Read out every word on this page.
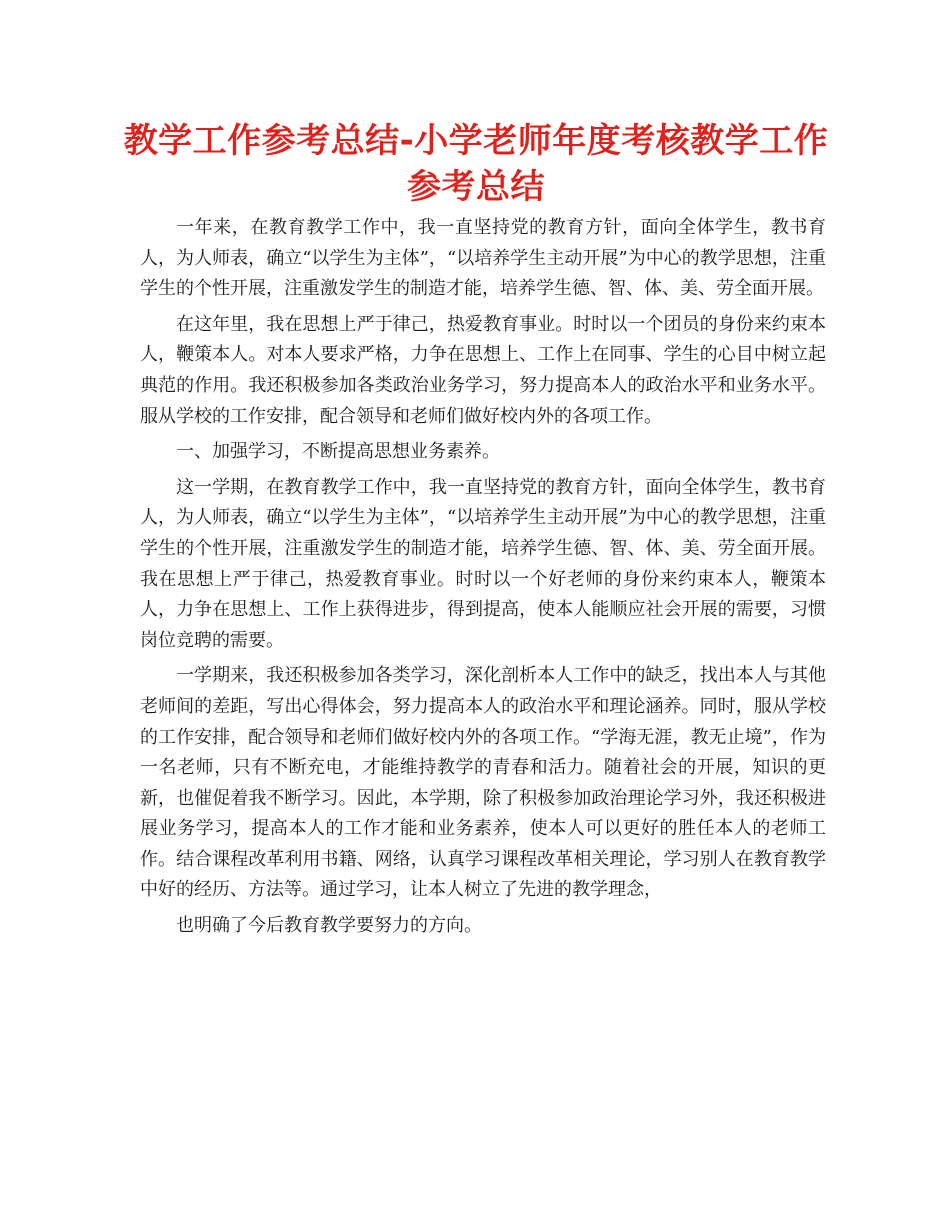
教学工作参考总结-小学老师年度考核教学工作参考总结

一年来，在教育教学工作中，我一直坚持党的教育方针，面向全体学生，教书育人，为人师表，确立“以学生为主体”，“以培养学生主动开展”为中心的教学思想，注重学生的个性开展，注重激发学生的制造才能，培养学生德、智、体、美、劳全面开展。

在这年里，我在思想上严于律己，热爱教育事业。时时以一个团员的身份来约束本人，鞭策本人。对本人要求严格，力争在思想上、工作上在同事、学生的心目中树立起典范的作用。我还积极参加各类政治业务学习，努力提高本人的政治水平和业务水平。服从学校的工作安排，配合领导和老师们做好校内外的各项工作。

一、加强学习，不断提高思想业务素养。

这一学期，在教育教学工作中，我一直坚持党的教育方针，面向全体学生，教书育人，为人师表，确立“以学生为主体”，“以培养学生主动开展”为中心的教学思想，注重学生的个性开展，注重激发学生的制造才能，培养学生德、智、体、美、劳全面开展。我在思想上严于律己，热爱教育事业。时时以一个好老师的身份来约束本人，鞭策本人，力争在思想上、工作上获得进步，得到提高，使本人能顺应社会开展的需要，习惯岗位竞聘的需要。

一学期来，我还积极参加各类学习，深化剖析本人工作中的缺乏，找出本人与其他老师间的差距，写出心得体会，努力提高本人的政治水平和理论涵养。同时，服从学校的工作安排，配合领导和老师们做好校内外的各项工作。“学海无涯，教无止境”，作为一名老师，只有不断充电，才能维持教学的青春和活力。随着社会的开展，知识的更新，也催促着我不断学习。因此，本学期，除了积极参加政治理论学习外，我还积极进展业务学习，提高本人的工作才能和业务素养，使本人可以更好的胜任本人的老师工作。结合课程改革利用书籍、网络，认真学习课程改革相关理论，学习别人在教育教学中好的经历、方法等。通过学习，让本人树立了先进的教学理念，

也明确了今后教育教学要努力的方向。
